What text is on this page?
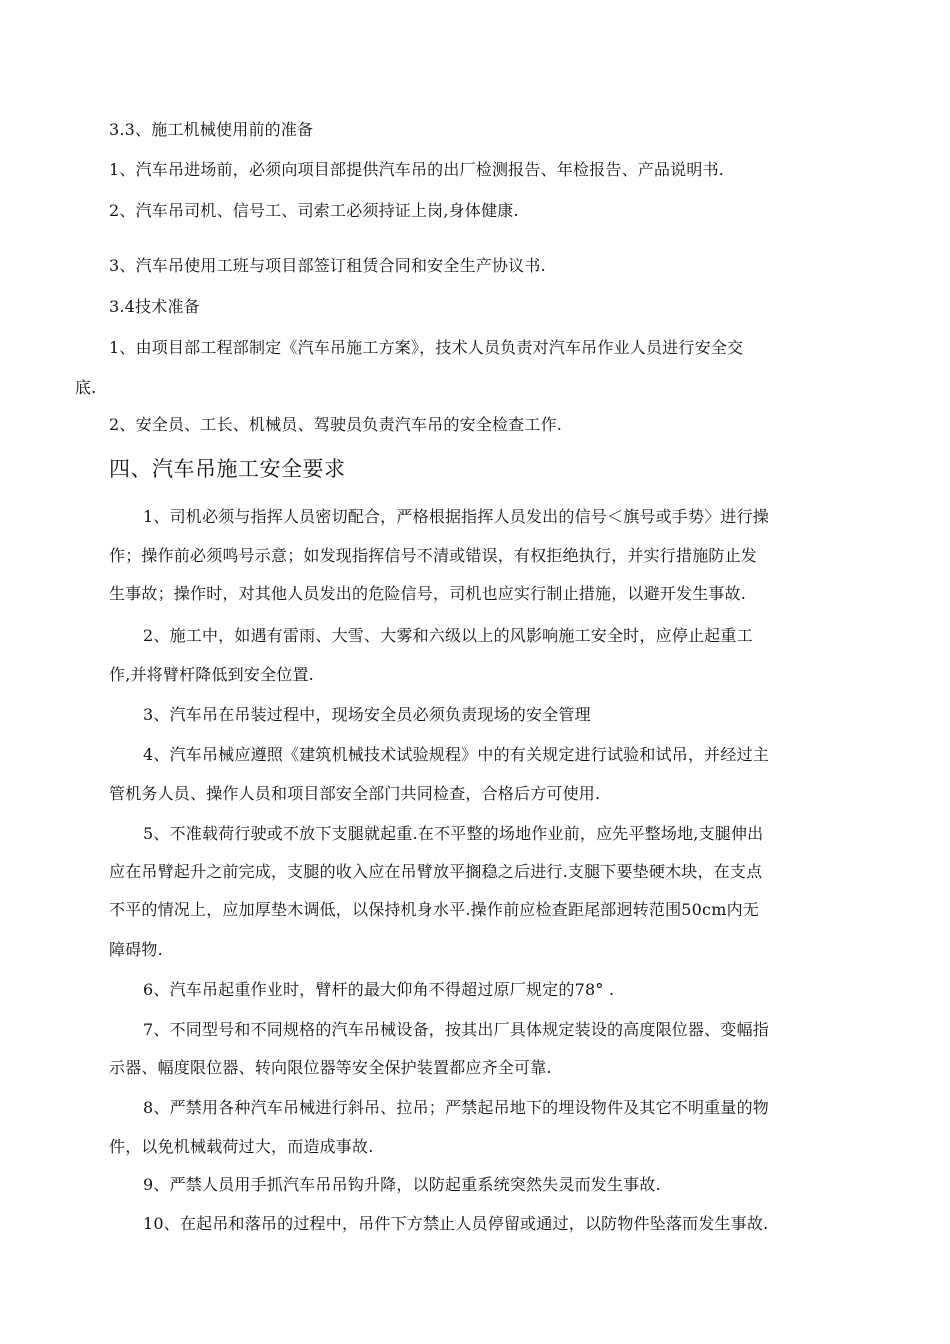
3.3、施工机械使用前的准备
1、汽车吊进场前，必须向项目部提供汽车吊的出厂检测报告、年检报告、产品说明书.
2、汽车吊司机、信号工、司索工必须持证上岗,身体健康.
3、汽车吊使用工班与项目部签订租赁合同和安全生产协议书.
3.4技术准备
1、由项目部工程部制定《汽车吊施工方案》，技术人员负责对汽车吊作业人员进行安全交
底.
2、安全员、工长、机械员、驾驶员负责汽车吊的安全检查工作.
四、汽车吊施工安全要求
1、司机必须与指挥人员密切配合，严格根据指挥人员发出的信号＜旗号或手势〉进行操
作；操作前必须鸣号示意；如发现指挥信号不清或错误，有权拒绝执行，并实行措施防止发
生事故；操作时，对其他人员发出的危险信号，司机也应实行制止措施，以避开发生事故.
2、施工中，如遇有雷雨、大雪、大雾和六级以上的风影响施工安全时，应停止起重工
作,并将臂杆降低到安全位置.
3、汽车吊在吊装过程中，现场安全员必须负责现场的安全管理
4、汽车吊械应遵照《建筑机械技术试验规程》中的有关规定进行试验和试吊，并经过主
管机务人员、操作人员和项目部安全部门共同检查，合格后方可使用.
5、不准载荷行驶或不放下支腿就起重.在不平整的场地作业前，应先平整场地,支腿伸出
应在吊臂起升之前完成，支腿的收入应在吊臂放平搁稳之后进行.支腿下要垫硬木块，在支点
不平的情况上，应加厚垫木调低，以保持机身水平.操作前应检查距尾部迥转范围50cm内无
障碍物.
6、汽车吊起重作业时，臂杆的最大仰角不得超过原厂规定的78° .
7、不同型号和不同规格的汽车吊械设备，按其出厂具体规定装设的高度限位器、变幅指
示器、幅度限位器、转向限位器等安全保护装置都应齐全可靠.
8、严禁用各种汽车吊械进行斜吊、拉吊；严禁起吊地下的埋设物件及其它不明重量的物
件，以免机械载荷过大，而造成事故.
9、严禁人员用手抓汽车吊吊钩升降，以防起重系统突然失灵而发生事故.
10、在起吊和落吊的过程中，吊件下方禁止人员停留或通过，以防物件坠落而发生事故.
